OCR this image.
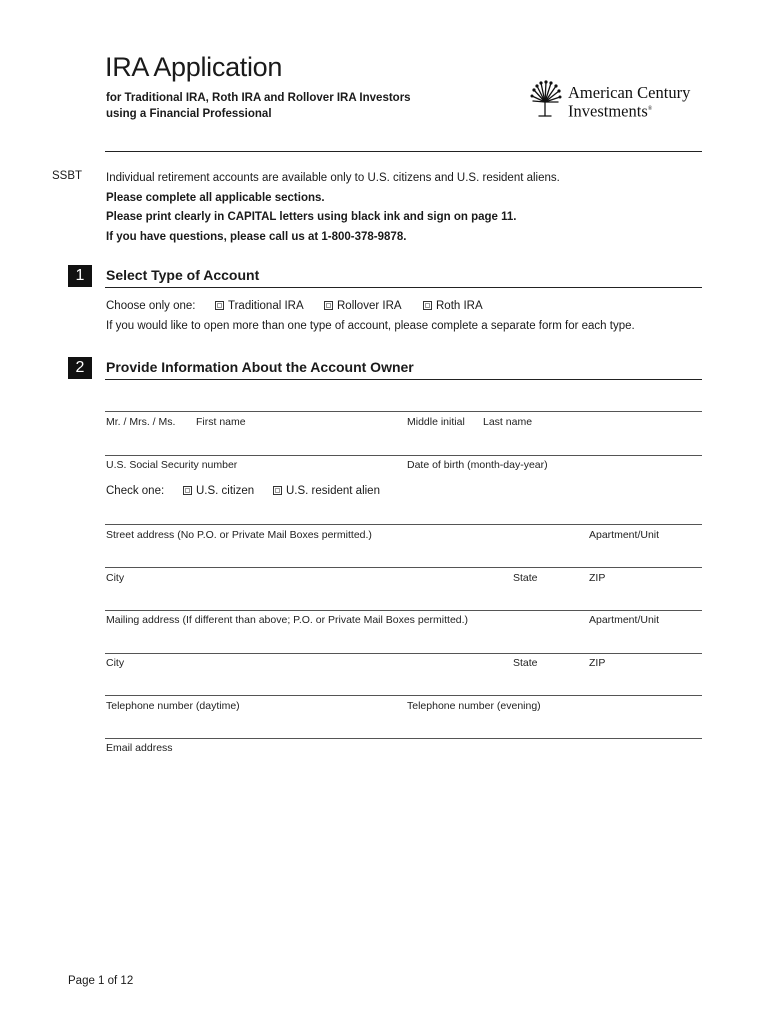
IRA Application
for Traditional IRA, Roth IRA and Rollover IRA Investors
using a Financial Professional
American Century
Investments®
SSBT Individual retirement accounts are available only to U.S. citizens and U.S. resident aliens.
Please complete all applicable sections.
Please print clearly in CAPITAL letters using black ink and sign on page 11.
If you have questions, please call us at 1-800-378-9878.
1	Select Type of Account
Choose only one:	Traditional IRA	Rollover IRA	Roth IRA
If you would like to open more than one type of account, please complete a separate form for each type.
2	Provide Information About the Account Owner
Mr. / Mrs. / Ms. First name	Middle initial Last name
U.S. Social Security number	Date of birth (month-day-year)
Check one:	U.S. citizen	U.S. resident alien
Street address (No P.O. or Private Mail Boxes permitted.)	Apartment/Unit
City	State	ZIP
Mailing address (If different than above; P.O. or Private Mail Boxes permitted.)	Apartment/Unit
City	State	ZIP
Telephone number (daytime)	Telephone number (evening)
Email address
Page 1 of 12
